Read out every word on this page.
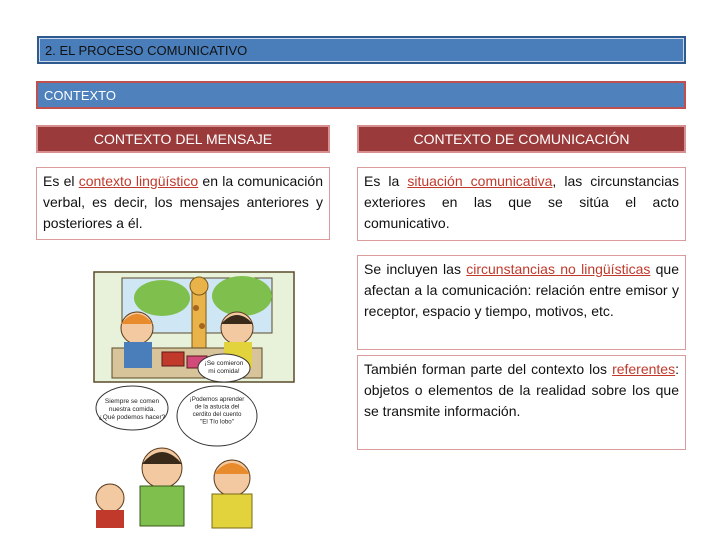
2. EL PROCESO COMUNICATIVO
CONTEXTO
CONTEXTO DEL MENSAJE	CONTEXTO DE COMUNICACIÓN
Es el contexto lingüístico en la comunicación verbal, es decir, los mensajes anteriores y posteriores a él.
Es la situación comunicativa, las circunstancias exteriores en las que se sitúa el acto comunicativo.
Se incluyen las circunstancias no lingüísticas que afectan a la comunicación: relación entre emisor y receptor, espacio y tiempo, motivos, etc.
También forman parte del contexto los referentes: objetos o elementos de la realidad sobre los que se transmite información.
Siempre se comen nuestra comida. ¿Qué podemos hacer?
¡Podemos aprender de la astucia del cerdito del cuento "El Tío lobo"
¡Se comieron mi comida!
